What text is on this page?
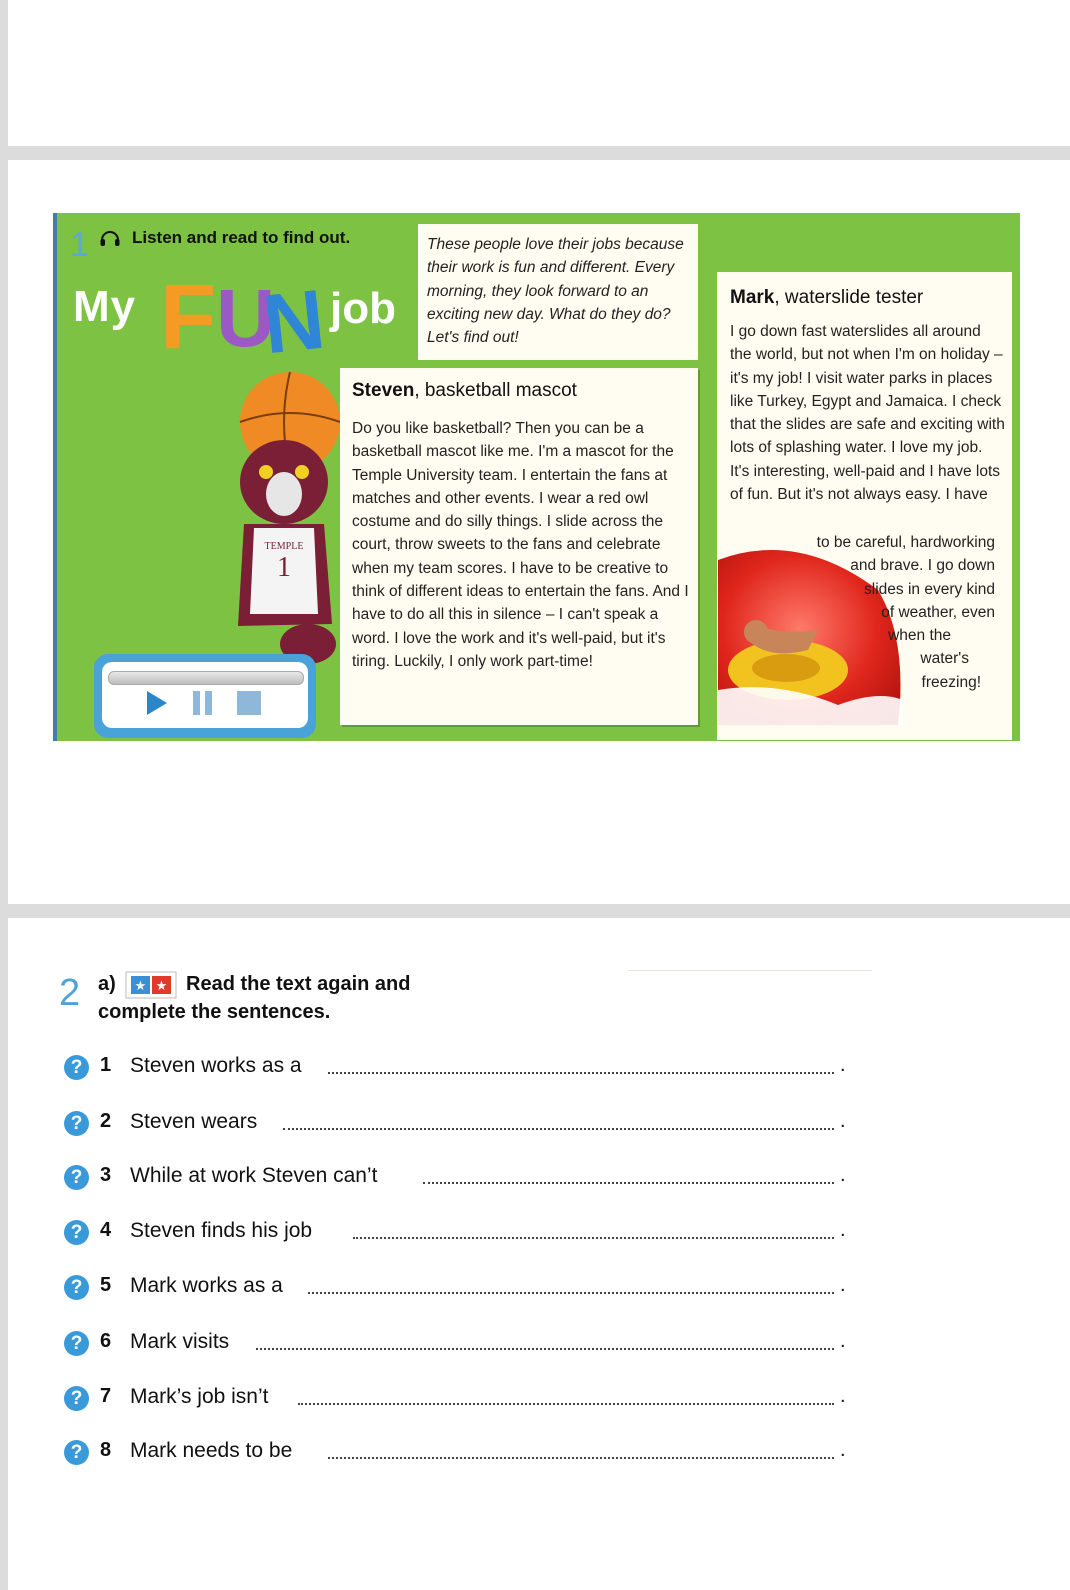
1	Listen and read to find out.
My F U
N job
These people love their jobs because their work is fun and different. Every morning, they look forward to an exciting new day. What do they do? Let's find out!
TEMPLE
1
Steven, basketball mascot
Do you like basketball? Then you can be a basketball mascot like me. I'm a mascot for the Temple University team. I entertain the fans at matches and other events. I wear a red owl costume and do silly things. I slide across the court, throw sweets to the fans and celebrate when my team scores. I have to be creative to think of different ideas to entertain the fans. And I have to do all this in silence – I can't speak a word. I love the work and it's well-paid, but it's tiring. Luckily, I only work part-time!
Mark, waterslide tester
I go down fast waterslides all around the world, but not when I'm on holiday – it's my job! I visit water parks in places like Turkey, Egypt and Jamaica. I check that the slides are safe and exciting with lots of splashing water. I love my job. It's interesting, well-paid and I have lots of fun. But it's not always easy. I have
to be careful, hardworking
and brave. I go down
slides in every kind
of weather, even
when the
water's
freezing!
2 a) ★ ★ Read the text again and
complete the sentences.
? 1 Steven works as a	.
? 2 Steven wears	.
? 3 While at work Steven can’t	.
? 4 Steven finds his job	.
? 5 Mark works as a	.
? 6 Mark visits	.
? 7 Mark’s job isn’t	.
? 8 Mark needs to be	.
